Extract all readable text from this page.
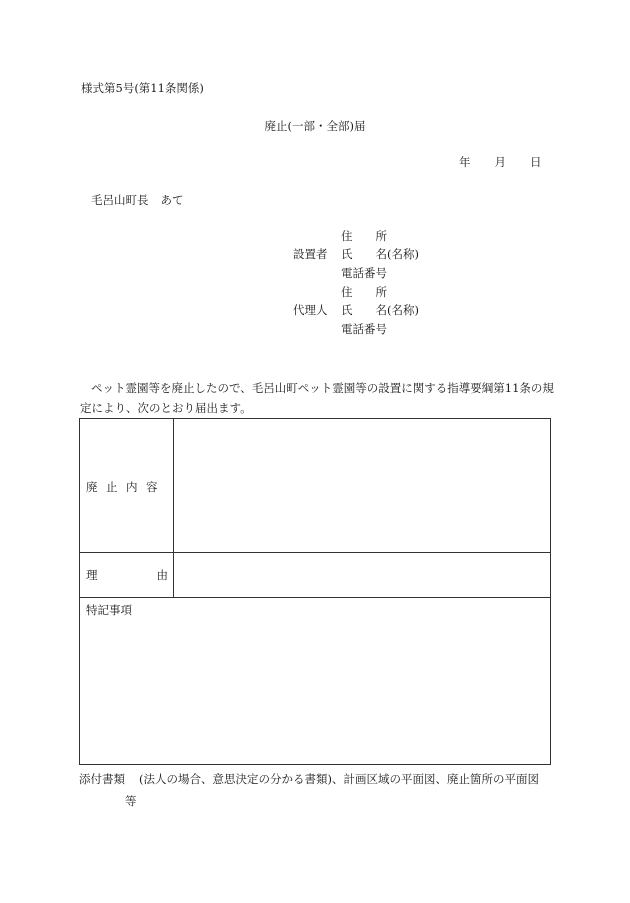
様式第5号(第11条関係)
廃止(一部・全部)届
年 月 日
毛呂山町長 あて
住　　所
設置者 氏　　名(名称)
電話番号
住　　所
代理人 氏　　名(名称)
電話番号
ペット霊園等を廃止したので、毛呂山町ペット霊園等の設置に関する指導要綱第11条の規定により、次のとおり届出ます。
廃 止 内 容
理	由
特記事項
添付書類 (法人の場合、意思決定の分かる書類)、計画区域の平面図、廃止箇所の平面図
等
